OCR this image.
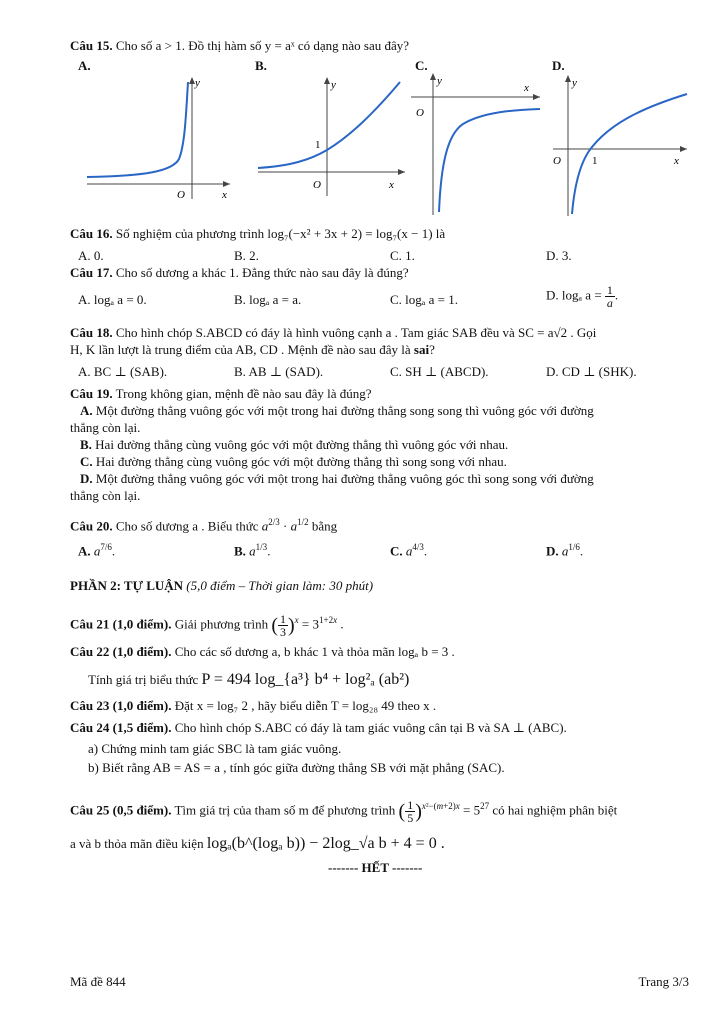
Câu 15. Cho số a > 1. Đồ thị hàm số y = aˣ có dạng nào sau đây?
A.	B.	C.	D.
y
O	x
y
1
O	x
y
O
x	y
O	1	x
Câu 16. Số nghiệm của phương trình log₇(−x² + 3x + 2) = log₇(x − 1) là
A. 0.	B. 2.	C. 1.	D. 3.
Câu 17. Cho số dương a khác 1. Đẳng thức nào sau đây là đúng?
A. logₐ a = 0.	B. logₐ a = a.	C. logₐ a = 1.	D. logₐ $a = \frac{1}{a}$ .
Câu 18. Cho hình chóp S.ABCD có đáy là hình vuông cạnh a . Tam giác SAB đều và SC = a√2 . Gọi
H, K lần lượt là trung điểm của AB, CD . Mệnh đề nào sau đây là sai?
A. BC ⊥ (SAB).	B. AB ⊥ (SAD).	C. SH ⊥ (ABCD).	D. CD ⊥ (SHK).
Câu 19. Trong không gian, mệnh đề nào sau đây là đúng?
A. Một đường thẳng vuông góc với một trong hai đường thẳng song song thì vuông góc với đường
thẳng còn lại.
B. Hai đường thẳng cùng vuông góc với một đường thẳng thì vuông góc với nhau.
C. Hai đường thẳng cùng vuông góc với một đường thẳng thì song song với nhau.
D. Một đường thẳng vuông góc với một trong hai đường thẳng vuông góc thì song song với đường
thẳng còn lại.
Câu 20. Cho số dương a . Biểu thức $a^{2/3} \cdot a^{1/2}$ bằng
A. $a^{7/6}$.	B. $a^{1/3}$.	C. $a^{4/3}$.	D. $a^{1/6}$.
PHẦN 2: TỰ LUẬN (5,0 điểm – Thời gian làm: 30 phút)
Câu 21 (1,0 điểm). Giải phương trình ( $\frac{1}{3} )^x = 3^{1+2x}$ .
Câu 22 (1,0 điểm). Cho các số dương a, b khác 1 và thỏa mãn logₐ b = 3 .
Tính giá trị biểu thức P = 494 log_{a³} b⁴ + log²ₐ (ab²)
Câu 23 (1,0 điểm). Đặt x = log₇ 2 , hãy biểu diễn T = log₂₈ 49 theo x .
Câu 24 (1,5 điểm). Cho hình chóp S.ABC có đáy là tam giác vuông cân tại B và SA ⊥ (ABC).
a) Chứng minh tam giác SBC là tam giác vuông.
b) Biết rằng AB = AS = a , tính góc giữa đường thẳng SB với mặt phẳng (SAC).
Câu 25 (0,5 điểm). Tìm giá trị của tham số m để phương trình ( $\frac{1}{5} )^{x^2-(m+2)x} = 5^{27}$ có hai nghiệm phân biệt
a và b thỏa mãn điều kiện logₐ(b^(logₐ b)) − 2log_√a b + 4 = 0 .
------- HẾT -------
Mã đề 844	Trang 3/3
